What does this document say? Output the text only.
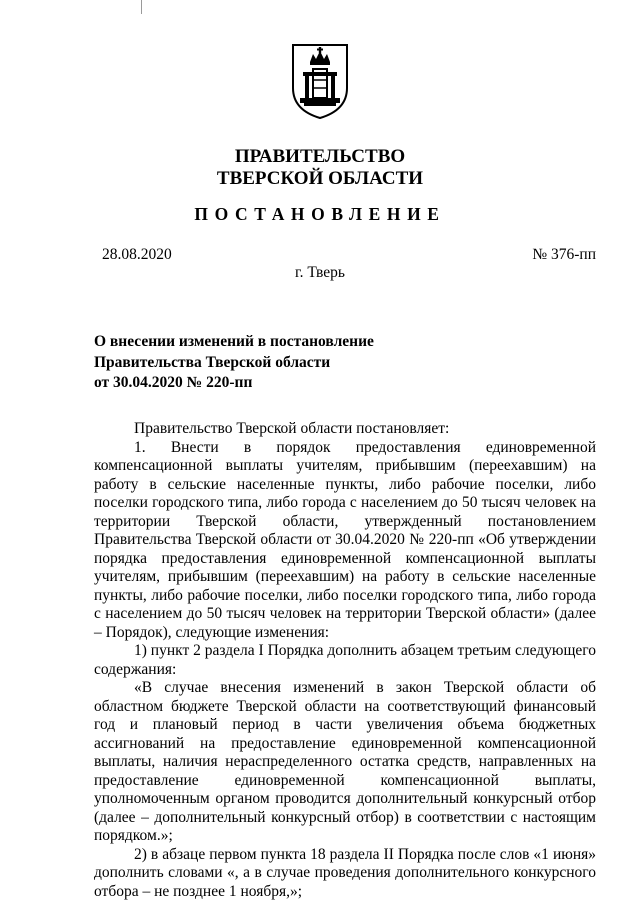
ПРАВИТЕЛЬСТВО
ТВЕРСКОЙ ОБЛАСТИ
ПОСТАНОВЛЕНИЕ
28.08.2020	№ 376-пп
г. Тверь
О внесении изменений в постановление
Правительства Тверской области
от 30.04.2020 № 220-пп

Правительство Тверской области постановляет:

1. Внести в порядок предоставления единовременной компенсационной выплаты учителям, прибывшим (переехавшим) на работу в сельские населенные пункты, либо рабочие поселки, либо поселки городского типа, либо города с населением до 50 тысяч человек на территории Тверской области, утвержденный постановлением Правительства Тверской области от 30.04.2020 № 220-пп «Об утверждении порядка предоставления единовременной компенсационной выплаты учителям, прибывшим (переехавшим) на работу в сельские населенные пункты, либо рабочие поселки, либо поселки городского типа, либо города с населением до 50 тысяч человек на территории Тверской области» (далее – Порядок), следующие изменения:

1) пункт 2 раздела I Порядка дополнить абзацем третьим следующего содержания:

«В случае внесения изменений в закон Тверской области об областном бюджете Тверской области на соответствующий финансовый год и плановый период в части увеличения объема бюджетных ассигнований на предоставление единовременной компенсационной выплаты, наличия нераспределенного остатка средств, направленных на предоставление единовременной компенсационной выплаты, уполномоченным органом проводится дополнительный конкурсный отбор (далее – дополнительный конкурсный отбор) в соответствии с настоящим порядком.»;

2) в абзаце первом пункта 18 раздела II Порядка после слов «1 июня» дополнить словами «, а в случае проведения дополнительного конкурсного отбора – не позднее 1 ноября,»;
